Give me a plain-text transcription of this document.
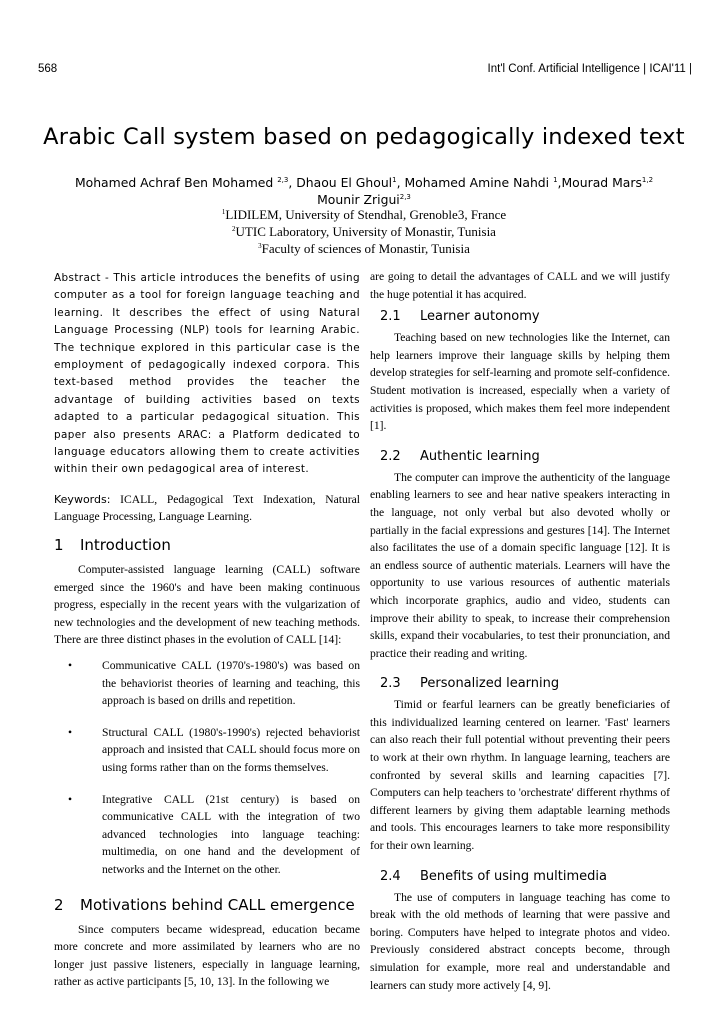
568	Int'l Conf. Artificial Intelligence | ICAI'11 |
Arabic Call system based on pedagogically indexed text
Mohamed Achraf Ben Mohamed $^{2,3}$, Dhaou El Ghoul$^1$, Mohamed Amine Nahdi $^1$,Mourad Mars$^{1,2}$
Mounir Zrigui$^{2,3}$
$^1$LIDILEM, University of Stendhal, Grenoble3, France
$^2$UTIC Laboratory, University of Monastir, Tunisia
$^3$Faculty of sciences of Monastir, Tunisia

Abstract - This article introduces the benefits of using computer as a tool for foreign language teaching and learning. It describes the effect of using Natural Language Processing (NLP) tools for learning Arabic. The technique explored in this particular case is the employment of pedagogically indexed corpora. This text-based method provides the teacher the advantage of building activities based on texts adapted to a particular pedagogical situation. This paper also presents ARAC: a Platform dedicated to language educators allowing them to create activities within their own pedagogical area of interest.

Keywords: ICALL, Pedagogical Text Indexation, Natural Language Processing, Language Learning.

1 Introduction

Computer-assisted language learning (CALL) software emerged since the 1960's and have been making continuous progress, especially in the recent years with the vulgarization of new technologies and the development of new teaching methods. There are three distinct phases in the evolution of CALL [14]:

•	Communicative CALL (1970's-1980's) was based on the behaviorist theories of learning and teaching, this approach is based on drills and repetition.
•	Structural CALL (1980's-1990's) rejected behaviorist approach and insisted that CALL should focus more on using forms rather than on the forms themselves.
•	Integrative CALL (21st century) is based on communicative CALL with the integration of two advanced technologies into language teaching: multimedia, on one hand and the development of networks and the Internet on the other.
2 Motivations behind CALL emergence

Since computers became widespread, education became more concrete and more assimilated by learners who are no longer just passive listeners, especially in language learning, rather as active participants [5, 10, 13]. In the following we

are going to detail the advantages of CALL and we will justify the huge potential it has acquired.

2.1 Learner autonomy

Teaching based on new technologies like the Internet, can help learners improve their language skills by helping them develop strategies for self-learning and promote self-confidence. Student motivation is increased, especially when a variety of activities is proposed, which makes them feel more independent [1].

2.2 Authentic learning

The computer can improve the authenticity of the language enabling learners to see and hear native speakers interacting in the language, not only verbal but also devoted wholly or partially in the facial expressions and gestures [14]. The Internet also facilitates the use of a domain specific language [12]. It is an endless source of authentic materials. Learners will have the opportunity to use various resources of authentic materials which incorporate graphics, audio and video, students can improve their ability to speak, to increase their comprehension skills, expand their vocabularies, to test their pronunciation, and practice their reading and writing.

2.3 Personalized learning

Timid or fearful learners can be greatly beneficiaries of this individualized learning centered on learner. 'Fast' learners can also reach their full potential without preventing their peers to work at their own rhythm. In language learning, teachers are confronted by several skills and learning capacities [7]. Computers can help teachers to 'orchestrate' different rhythms of different learners by giving them adaptable learning methods and tools. This encourages learners to take more responsibility for their own learning.

2.4 Benefits of using multimedia

The use of computers in language teaching has come to break with the old methods of learning that were passive and boring. Computers have helped to integrate photos and video. Previously considered abstract concepts become, through simulation for example, more real and understandable and learners can study more actively [4, 9].
